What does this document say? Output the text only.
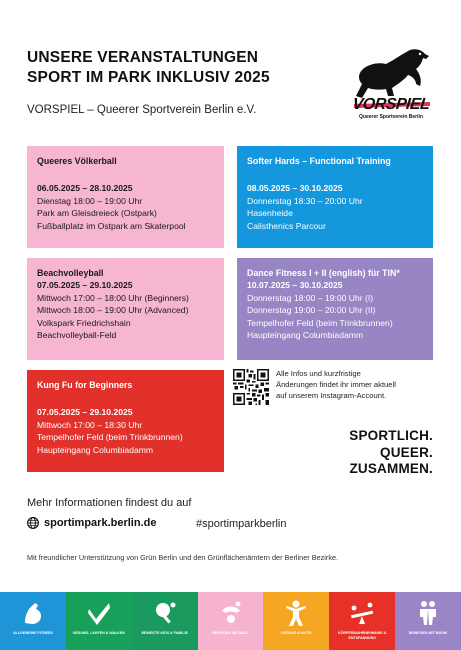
UNSERE VERANSTALTUNGEN
SPORT IM PARK INKLUSIV 2025
VORSPIEL – Queerer Sportverein Berlin e.V.	VORSPIEL
Queerer Sportverein Berlin
Queeres Völkerball
06.05.2025 – 28.10.2025
Dienstag 18:00 – 19:00 Uhr
Park am Gleisdreieck (Ostpark)
Fußballplatz im Ostpark am Skaterpool
Softer Hards – Functional Training
08.05.2025 – 30.10.2025
Donnerstag 18:30 – 20:00 Uhr
Hasenheide
Calisthenics Parcour
Beachvolleyball
07.05.2025 – 29.10.2025
Mittwoch 17:00 – 18:00 Uhr (Beginners)
Mittwoch 18:00 – 19:00 Uhr (Advanced)
Volkspark Friedrichshain
Beachvolleyball-Feld
Dance Fitness I + II (english) für TIN*
10.07.2025 – 30.10.2025
Donnerstag 18:00 – 19:00 Uhr (I)
Donnerstag 19:00 – 20:00 Uhr (II)
Tempelhofer Feld (beim Trinkbrunnen)
Haupteingang Columbiadamm
Kung Fu for Beginners
07.05.2025 – 29.10.2025
Mittwoch 17:00 – 18:30 Uhr
Tempelhofer Feld (beim Trinkbrunnen)
Haupteingang Columbiadamm
Alle Infos und kurzfristige
Änderungen findet ihr immer aktuell
auf unserem Instagram-Account.
SPORTLICH.
QUEER.
ZUSAMMEN.
Mehr Informationen findest du auf
sportimpark.berlin.de	#sportimparkberlin
Mit freundlicher Unterstützung von Grün Berlin und den Grünflächenämtern der Berliner Bezirke.
ALLGEMEINE FITNESS	GESUND, LAUFEN & WALKEN	BEWEGTE KIDS & FAMILIE	BEWEGEN MIT BALL	GESUND & AKTIV	KÖRPERWAHRNEHMUNG & ENTSPANNUNG
BEWEGEN MIT MUSIK
